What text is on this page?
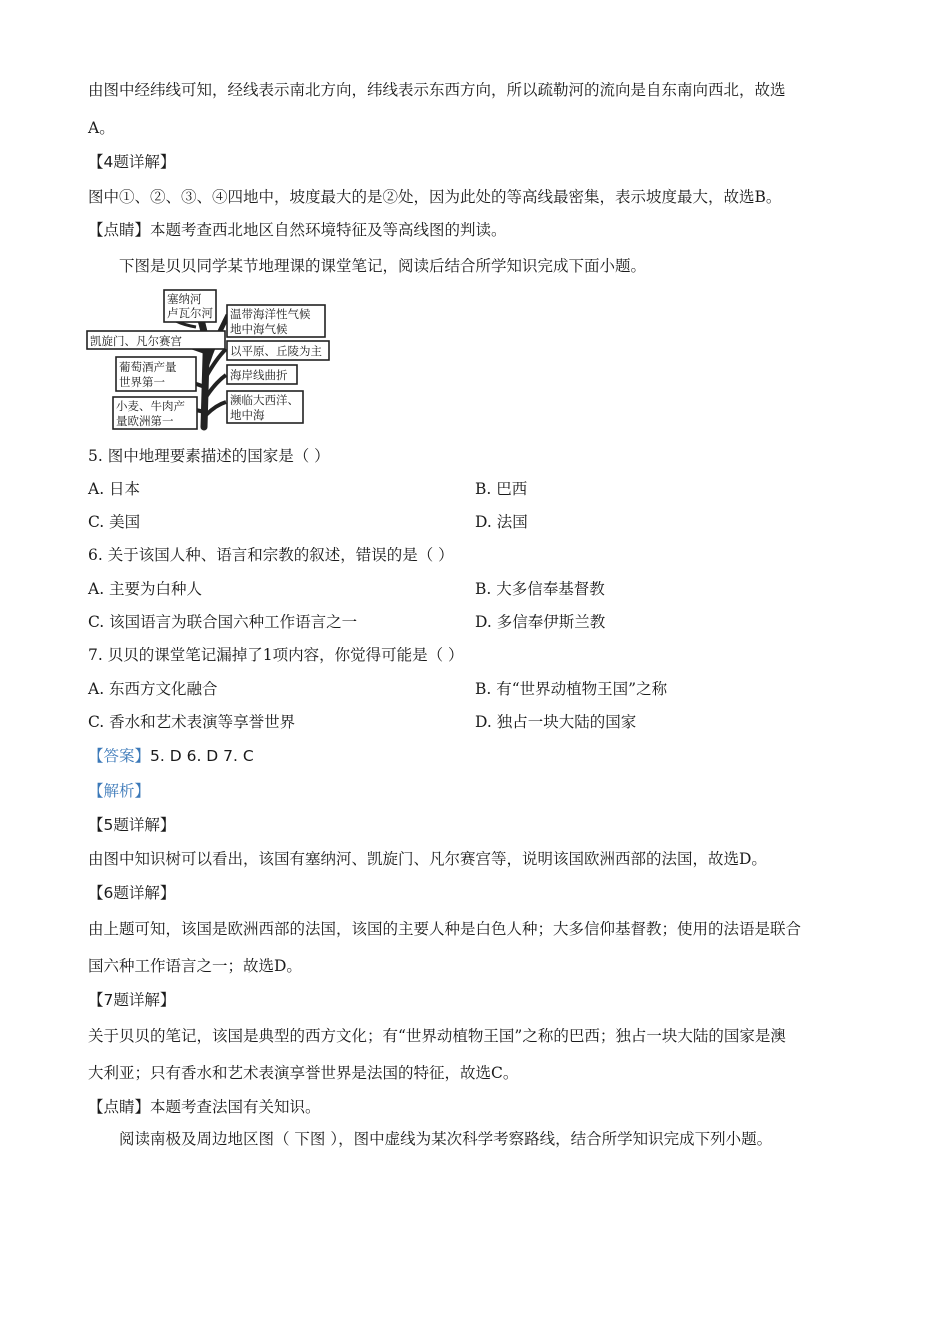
由图中经纬线可知，经线表示南北方向，纬线表示东西方向，所以疏勒河的流向是自东南向西北，故选
A。
【4题详解】
图中①、②、③、④四地中，坡度最大的是②处，因为此处的等高线最密集，表示坡度最大，故选B。
【点睛】本题考查西北地区自然环境特征及等高线图的判读。
下图是贝贝同学某节地理课的课堂笔记，阅读后结合所学知识完成下面小题。
塞纳河
卢瓦尔河
凯旋门、凡尔赛宫
葡萄酒产量
世界第一
小麦、牛肉产
量欧洲第一
温带海洋性气候
地中海气候
以平原、丘陵为主
海岸线曲折
濒临大西洋、
地中海
5. 图中地理要素描述的国家是（ ）
A. 日本	B. 巴西
C. 美国	D. 法国
6. 关于该国人种、语言和宗教的叙述，错误的是（ ）
A. 主要为白种人	B. 大多信奉基督教
C. 该国语言为联合国六种工作语言之一	D. 多信奉伊斯兰教
7. 贝贝的课堂笔记漏掉了1项内容，你觉得可能是（ ）
A. 东西方文化融合	B. 有“世界动植物王国”之称
C. 香水和艺术表演等享誉世界	D. 独占一块大陆的国家
【答案】5. D 6. D 7. C
【解析】
【5题详解】
由图中知识树可以看出，该国有塞纳河、凯旋门、凡尔赛宫等，说明该国欧洲西部的法国，故选D。
【6题详解】
由上题可知，该国是欧洲西部的法国，该国的主要人种是白色人种；大多信仰基督教；使用的法语是联合
国六种工作语言之一；故选D。
【7题详解】
关于贝贝的笔记，该国是典型的西方文化；有“世界动植物王国”之称的巴西；独占一块大陆的国家是澳
大利亚；只有香水和艺术表演享誉世界是法国的特征，故选C。
【点睛】本题考查法国有关知识。
阅读南极及周边地区图（ 下图 ），图中虚线为某次科学考察路线，结合所学知识完成下列小题。
